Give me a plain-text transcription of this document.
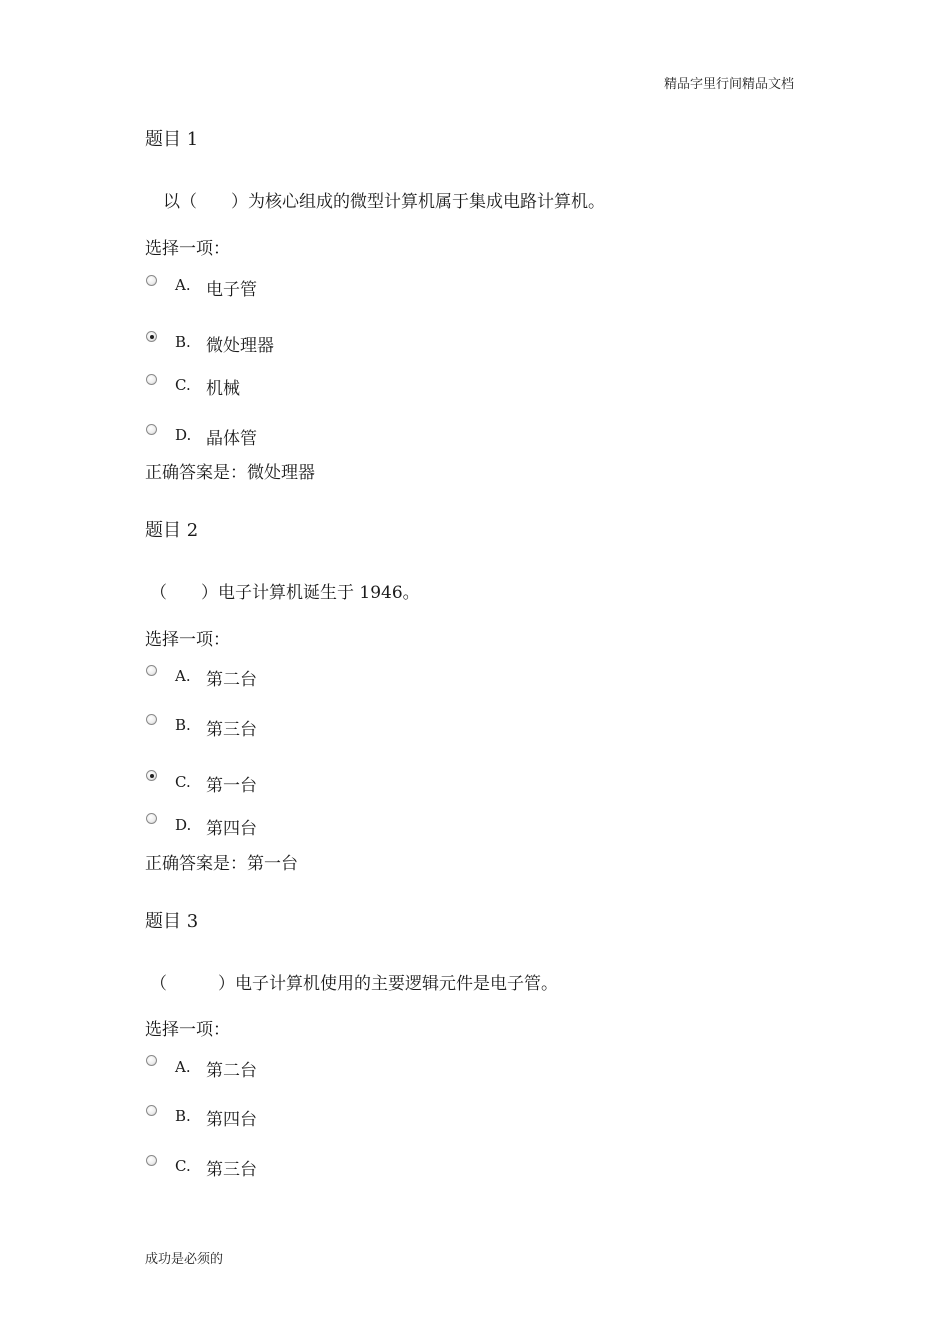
精品字里行间精品文档
题目 1
以（　　）为核心组成的微型计算机属于集成电路计算机。
选择一项：
A. 电子管
B. 微处理器
C. 机械
D. 晶体管
正确答案是：微处理器
题目 2
（　　）电子计算机诞生于 1946。
选择一项：
A. 第二台
B. 第三台
C. 第一台
D. 第四台
正确答案是：第一台
题目 3
（　　　）电子计算机使用的主要逻辑元件是电子管。
选择一项：
A. 第二台
B. 第四台
C. 第三台
成功是必须的
